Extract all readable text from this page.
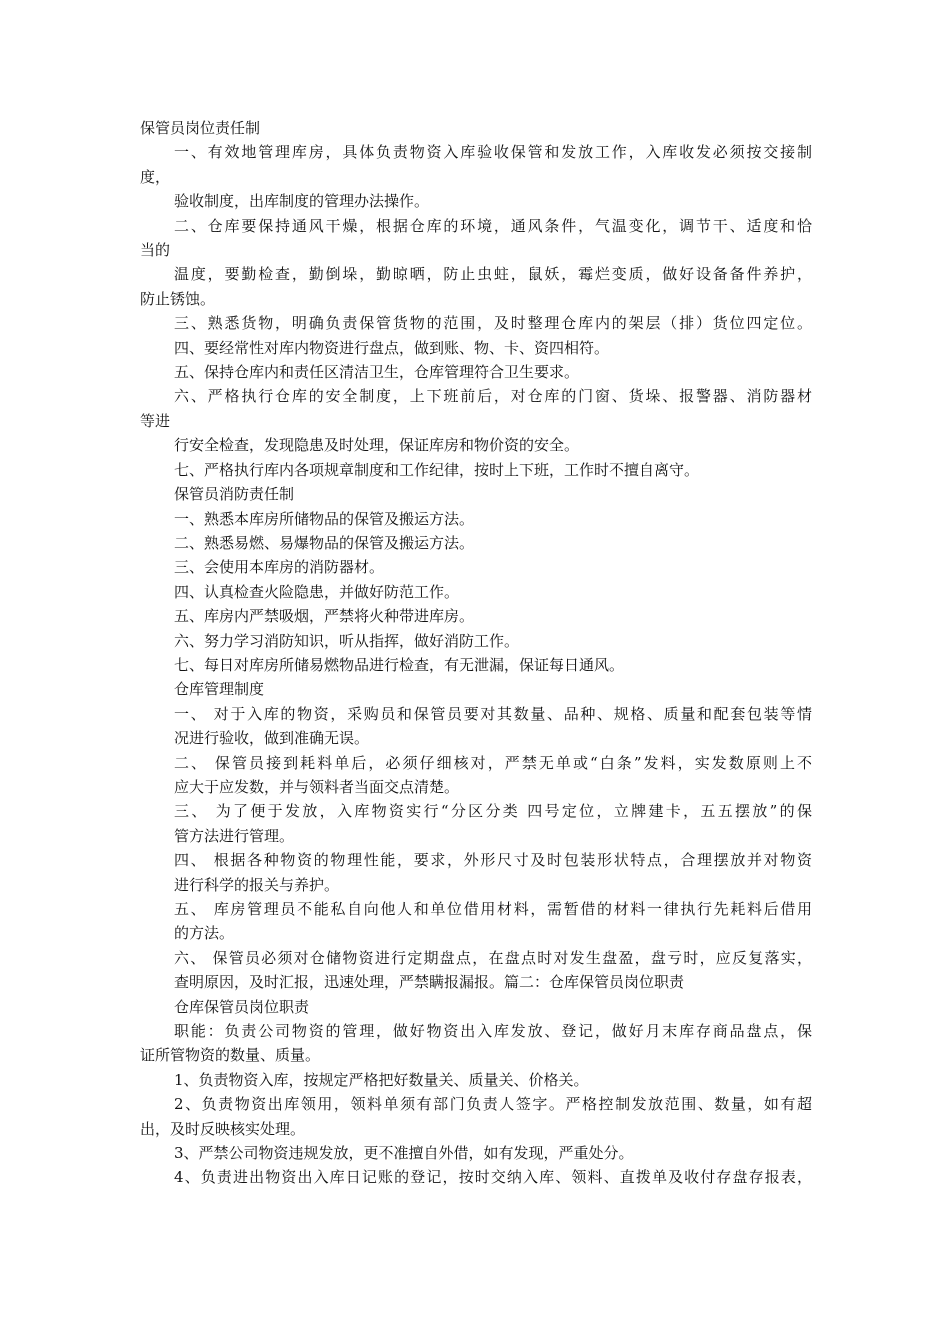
保管员岗位责任制
一、有效地管理库房，具体负责物资入库验收保管和发放工作，入库收发必须按交接制
度，
验收制度，出库制度的管理办法操作。
二、仓库要保持通风干燥，根据仓库的环境，通风条件，气温变化，调节干、适度和恰
当的
温度，要勤检查，勤倒垛，勤晾晒，防止虫蛀，鼠妖，霉烂变质，做好设备备件养护，
防止锈蚀。
三、熟悉货物，明确负责保管货物的范围，及时整理仓库内的架层（排）货位四定位。
四、要经常性对库内物资进行盘点，做到账、物、卡、资四相符。
五、保持仓库内和责任区清洁卫生，仓库管理符合卫生要求。
六、严格执行仓库的安全制度，上下班前后，对仓库的门窗、货垛、报警器、消防器材
等进
行安全检查，发现隐患及时处理，保证库房和物价资的安全。
七、严格执行库内各项规章制度和工作纪律，按时上下班，工作时不擅自离守。
保管员消防责任制
一、熟悉本库房所储物品的保管及搬运方法。
二、熟悉易燃、易爆物品的保管及搬运方法。
三、会使用本库房的消防器材。
四、认真检查火险隐患，并做好防范工作。
五、库房内严禁吸烟，严禁将火种带进库房。
六、努力学习消防知识，听从指挥，做好消防工作。
七、每日对库房所储易燃物品进行检查，有无泄漏，保证每日通风。
仓库管理制度
一、 对于入库的物资，采购员和保管员要对其数量、品种、规格、质量和配套包装等情
况进行验收，做到准确无误。
二、 保管员接到耗料单后，必须仔细核对，严禁无单或“白条”发料，实发数原则上不
应大于应发数，并与领料者当面交点清楚。
三、 为了便于发放，入库物资实行“分区分类 四号定位，立牌建卡，五五摆放”的保
管方法进行管理。
四、 根据各种物资的物理性能，要求，外形尺寸及时包装形状特点，合理摆放并对物资
进行科学的报关与养护。
五、 库房管理员不能私自向他人和单位借用材料，需暂借的材料一律执行先耗料后借用
的方法。
六、 保管员必须对仓储物资进行定期盘点，在盘点时对发生盘盈，盘亏时，应反复落实，
查明原因，及时汇报，迅速处理，严禁瞒报漏报。篇二：仓库保管员岗位职责
仓库保管员岗位职责
职能：负责公司物资的管理，做好物资出入库发放、登记，做好月末库存商品盘点，保
证所管物资的数量、质量。
1、负责物资入库，按规定严格把好数量关、质量关、价格关。
2、负责物资出库领用，领料单须有部门负责人签字。严格控制发放范围、数量，如有超
出，及时反映核实处理。
3、严禁公司物资违规发放，更不准擅自外借，如有发现，严重处分。
4、负责进出物资出入库日记账的登记，按时交纳入库、领料、直拨单及收付存盘存报表，
